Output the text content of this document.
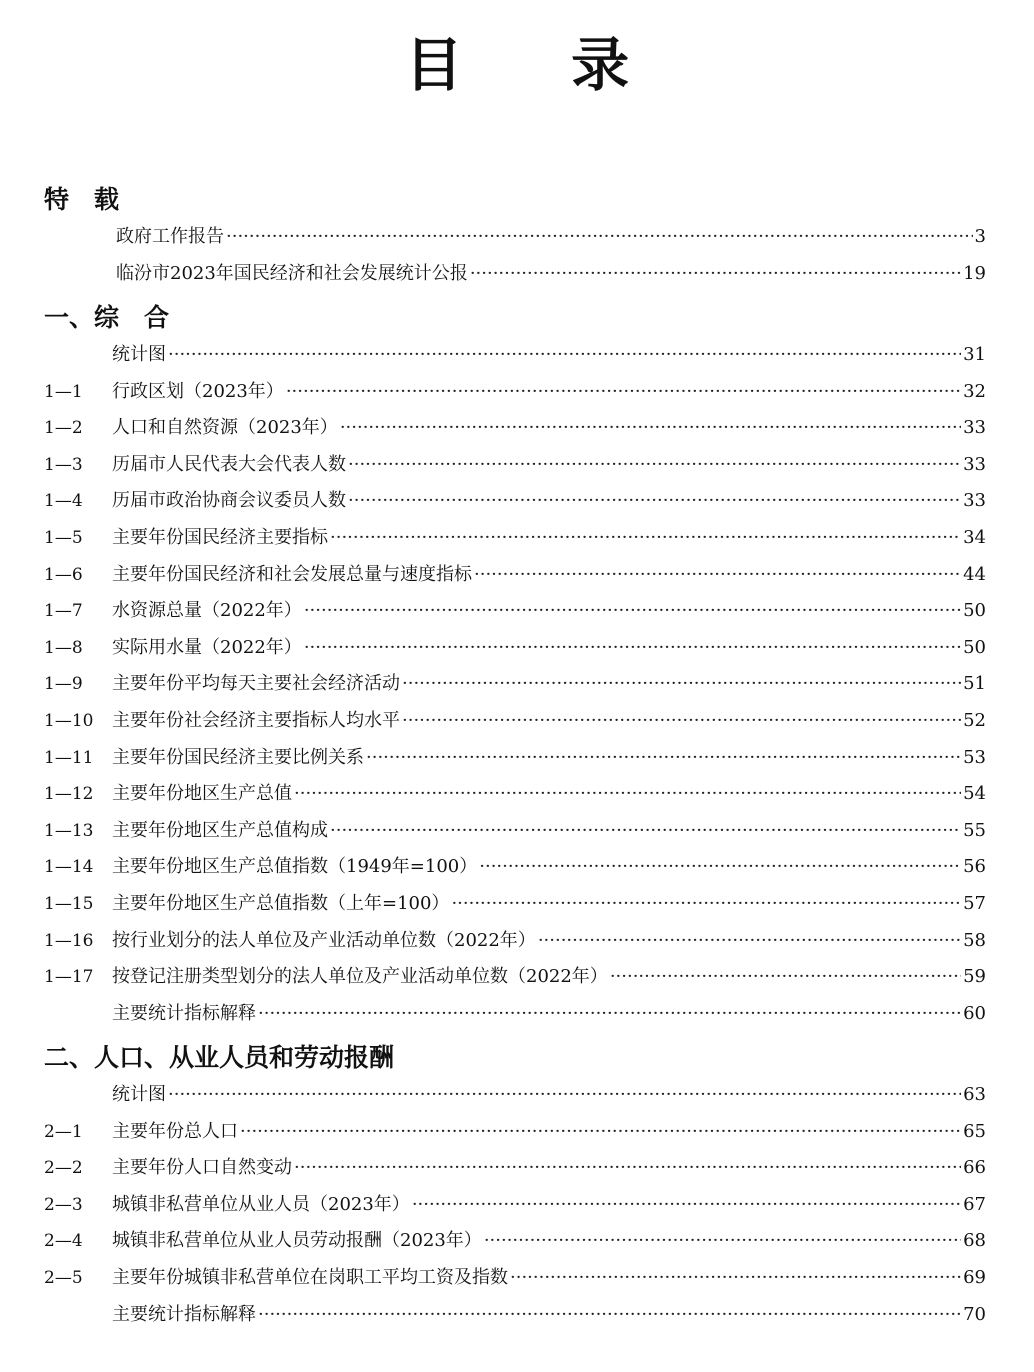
目 录
特　载
政府工作报告 ·····	3
临汾市2023年国民经济和社会发展统计公报 ·····	19
一、综　合
统计图 ·····	31
1—1	行政区划（2023年） ·····	32
1—2	人口和自然资源（2023年） ·····	33
1—3	历届市人民代表大会代表人数 ·····	33
1—4	历届市政治协商会议委员人数 ·····	33
1—5	主要年份国民经济主要指标 ·····	34
1—6	主要年份国民经济和社会发展总量与速度指标 ·····	44
1—7	水资源总量（2022年） ·····	50
1—8	实际用水量（2022年） ·····	50
1—9	主要年份平均每天主要社会经济活动 ·····	51
1—10	主要年份社会经济主要指标人均水平 ·····	52
1—11	主要年份国民经济主要比例关系 ·····	53
1—12	主要年份地区生产总值 ·····	54
1—13	主要年份地区生产总值构成 ·····	55
1—14	主要年份地区生产总值指数（1949年=100） ·····	56
1—15	主要年份地区生产总值指数（上年=100） ·····	57
1—16	按行业划分的法人单位及产业活动单位数（2022年） ·····	58
1—17	按登记注册类型划分的法人单位及产业活动单位数（2022年） ·····	59
主要统计指标解释 ·····	60
二、人口、从业人员和劳动报酬
统计图 ·····	63
2—1	主要年份总人口 ·····	65
2—2	主要年份人口自然变动 ·····	66
2—3	城镇非私营单位从业人员（2023年） ·····	67
2—4	城镇非私营单位从业人员劳动报酬（2023年） ·····	68
2—5	主要年份城镇非私营单位在岗职工平均工资及指数 ·····	69
主要统计指标解释 ·····	70
